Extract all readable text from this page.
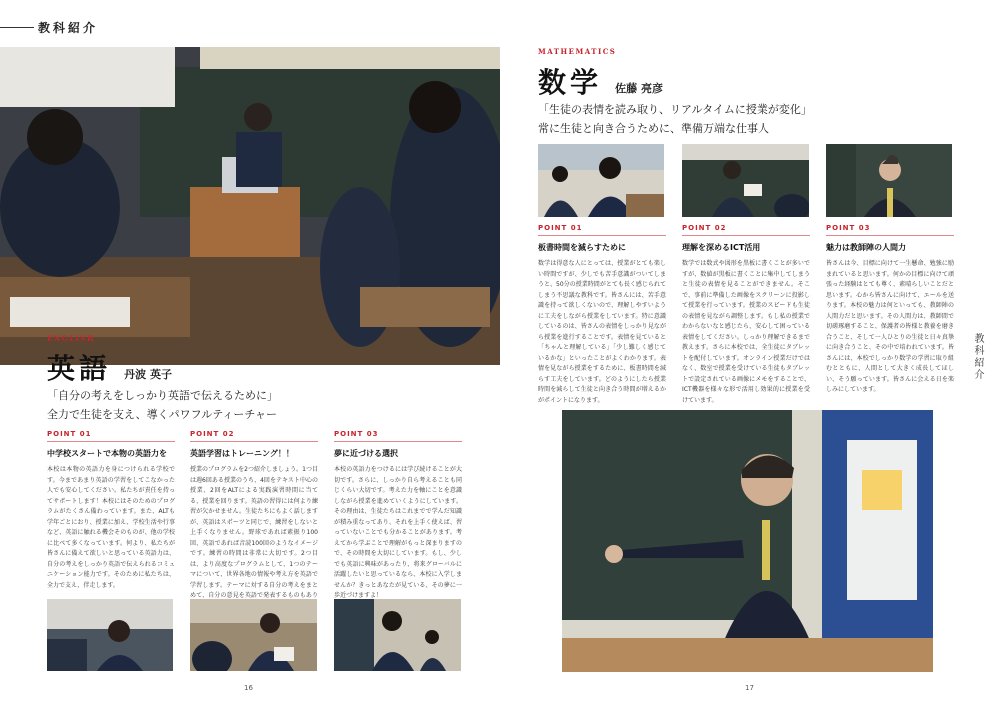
教科紹介
教科紹介
ENGLISH
英語 丹波 英子
「自分の考えをしっかり英語で伝えるために」
全力で生徒を支え、導くパワフルティーチャー
POINT 01
中学校スタートで本物の英語力を
本校は本物の英語力を身につけられる学校です。今まであまり英語の学習をしてこなかった人でも安心してください。私たちが責任を持ってサポートします！本校にはそのためのプログラムがたくさん備わっています。また、ALTも学年ごとにおり、授業に加え、学校生活や行事など、英語に触れる機会そのものが、他の学校に比べて多くなっています。何より、私たちが皆さんに備えて欲しいと思っている英語力は、自分の考えをしっかり英語で伝えられるコミュニケーション能力です。そのために私たちは、全力で支え、伴走します。
POINT 02
英語学習はトレーニング！！
授業のプログラムを2つ紹介しましょう。1つ目は週6回ある授業のうち、4回をテキスト中心の授業、2回をALTによる実践演習時間に当てる、授業を回ります。英語の習得には何より練習が欠かせません。生徒たちにもよく話しますが、英語はスポーツと同じで、練習をしないと上手くなりません。野球であれば素振り100回、英語であれば音読100回のようなイメージです。練習の時間は非常に大切です。2つ目は、より高度なプログラムとして、1つのテーマについて、世界各地の情報や考え方を英語で学習します。テーマに対する自分の考えをまとめて、自分の意見を英語で発表するものもあり
POINT 03
夢に近づける選択
本校の英語力をつけるには学び続けることが大切です。さらに、しっかり自ら考えることも同じくらい大切です。考えた力を軸にことを意識しながら授業を進めていくようにしています。その理由は、生徒たちはこれまでで学んだ知識が積み重なってあり、それを上手く使えば、習っていないことでも分かることがあります。考えてから学ぶことで理解がもっと深まりますので、その時間を大切にしています。もし、少しでも英語に興味があったり、将来グローバルに活躍したいと思っているなら、本校に入学しませんか？きっとあなたが見ている、その夢に一歩近づけますよ！
16
MATHEMATICS
数学 佐藤 亮彦
「生徒の表情を読み取り、リアルタイムに授業が変化」
常に生徒と向き合うために、準備万端な仕事人
POINT 01
板書時間を減らすために
数学は得意な人にとっては、授業がとても楽しい時間ですが、少しでも苦手意識がついてしまうと、50分の授業時間がとても長く感じられてしまう不思議な教科です。皆さんには、苦手意識を持って欲しくないので、理解しやすいように工夫をしながら授業をしています。特に意識しているのは、皆さんの表情をしっかり見ながら授業を進行することです。表情を見ていると「ちゃんと理解している」「少し難しく感じているかな」といったことがよくわかります。表情を見ながら授業をするために、板書時間を減らす工夫をしています。どのようにしたら授業時間を減らして生徒と向き合う時間が増えるかがポイントになります。
POINT 02
理解を深めるICT活用
数学では数式や図形を黒板に書くことが多いですが、数値が黒板に書くことに集中してしまうと生徒の表情を見ることができません。そこで、事前に準備した画像をスクリーンに投影して授業を行っています。授業のスピードも生徒の表情を見ながら調整します。もし私の授業でわからないなと感じたら、安心して困っている表情をしてください。しっかり理解できるまで教えます。さらに本校では、全生徒にタブレットを配付しています。オンライン授業だけではなく、数室で授業を受けている生徒もタブレットで設定されている画像にメモをすることで、ICT機器を様々な形で活用し効果的に授業を受けています。
POINT 03
魅力は教師陣の人間力
皆さんは今、目標に向けて一生懸命、勉強に励まれていると思います。何かの目標に向けて頑張った経験はとても尊く、素晴らしいことだと思います。心から皆さんに向けて、エールを送ります。本校の魅力は何といっても、教師陣の人間力だと思います。その人間力は、教師間で切磋琢磨すること、保護者の皆様と教養を磨き合うこと、そして一人ひとりの生徒と日々真摯に向き合うこと、その中で培われています。皆さんには、本校でしっかり数学の学習に取り組むとともに、人間として大きく成長してほしい、そう願っています。皆さんに会える日を楽しみにしています。
17
